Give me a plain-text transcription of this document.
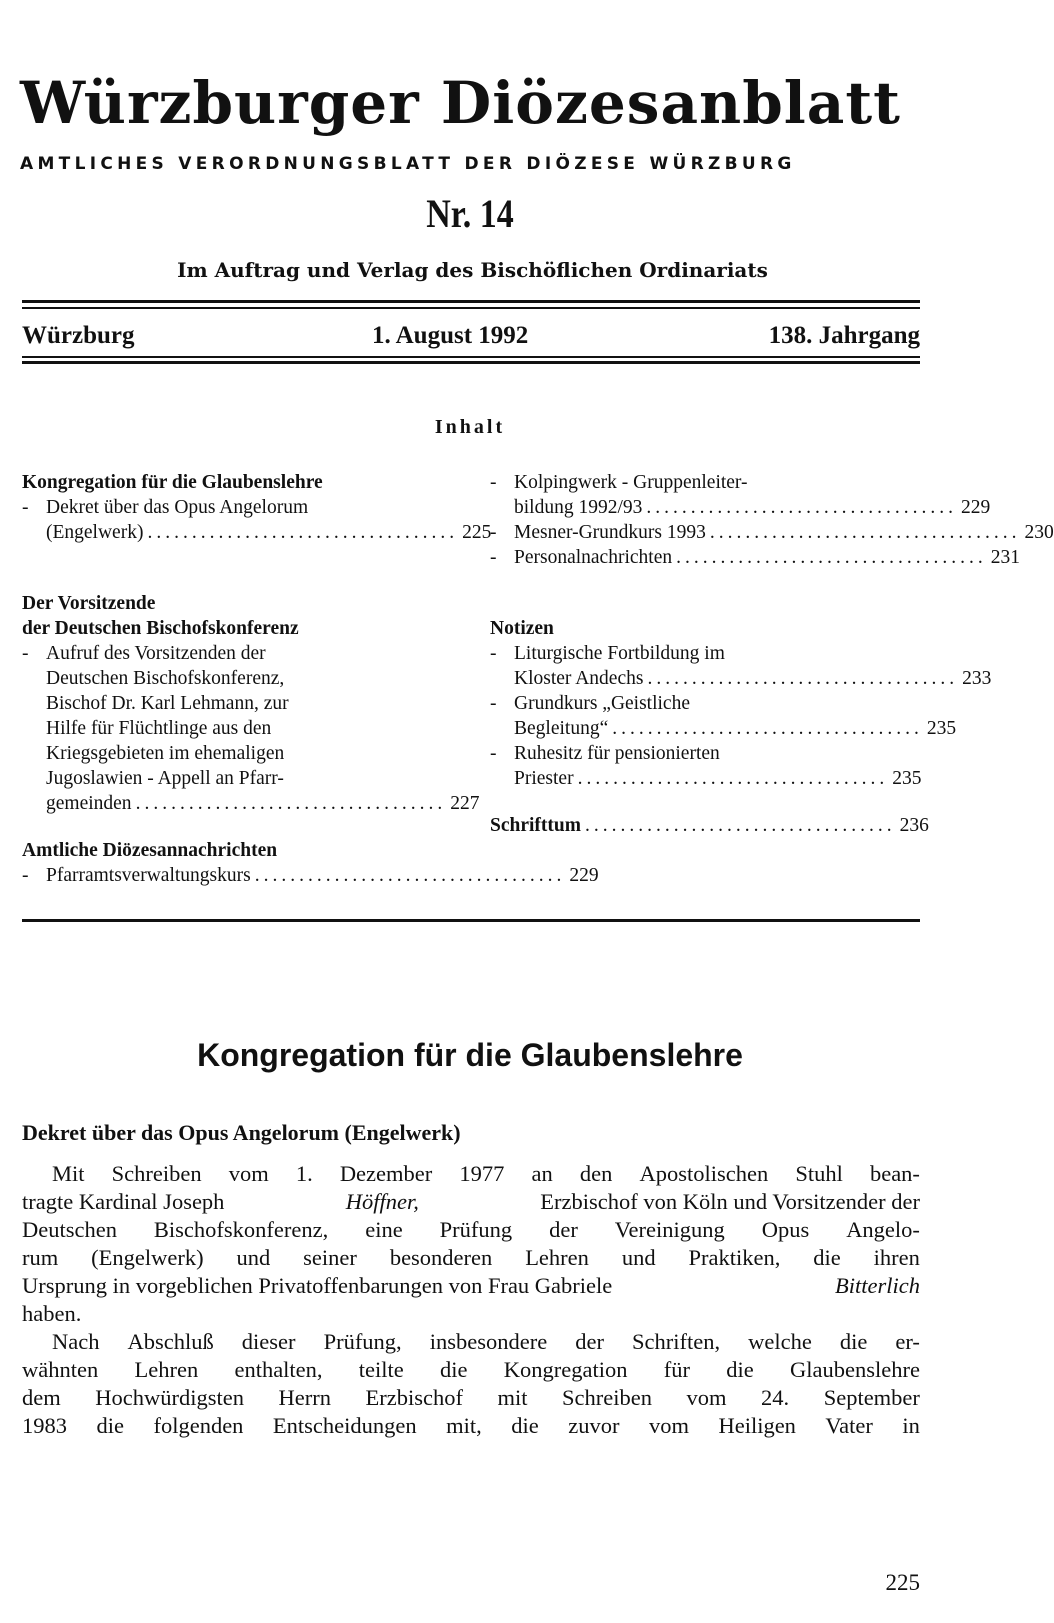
Würzburger Diözesanblatt
AMTLICHES VERORDNUNGSBLATT DER DIÖZESE WÜRZBURG
Nr. 14
Im Auftrag und Verlag des Bischöflichen Ordinariats
Würzburg	1. August 1992	138. Jahrgang
Inhalt
Kongregation für die Glaubenslehre
- Dekret über das Opus Angelorum
(Engelwerk) ................................... 225
Der Vorsitzende
der Deutschen Bischofskonferenz
- Aufruf des Vorsitzenden der
Deutschen Bischofskonferenz,
Bischof Dr. Karl Lehmann, zur
Hilfe für Flüchtlinge aus den
Kriegsgebieten im ehemaligen
Jugoslawien - Appell an Pfarr-
gemeinden ................................... 227
Amtliche Diözesannachrichten
- Pfarramtsverwaltungskurs ................................... 229
- Kolpingwerk - Gruppenleiter-
bildung 1992/93 ................................... 229
- Mesner-Grundkurs 1993 ................................... 230
- Personalnachrichten ................................... 231
Notizen
- Liturgische Fortbildung im
Kloster Andechs ................................... 233
- Grundkurs „Geistliche
Begleitung“ ................................... 235
- Ruhesitz für pensionierten
Priester ................................... 235
Schrifttum ................................... 236
Kongregation für die Glaubenslehre
Dekret über das Opus Angelorum (Engelwerk)

Mit Schreiben vom 1. Dezember 1977 an den Apostolischen Stuhl bean-
tragte Kardinal Joseph	Höffner,	Erzbischof von Köln und Vorsitzender der
Deutschen Bischofskonferenz, eine Prüfung der Vereinigung Opus Angelo-
rum (Engelwerk) und seiner besonderen Lehren und Praktiken, die ihren
Ursprung in vorgeblichen Privatoffenbarungen von Frau Gabriele	Bitterlich
haben.

Nach Abschluß dieser Prüfung, insbesondere der Schriften, welche die er-
wähnten Lehren enthalten, teilte die Kongregation für die Glaubenslehre
dem Hochwürdigsten Herrn Erzbischof mit Schreiben vom 24. September
1983 die folgenden Entscheidungen mit, die zuvor vom Heiligen Vater in

225
